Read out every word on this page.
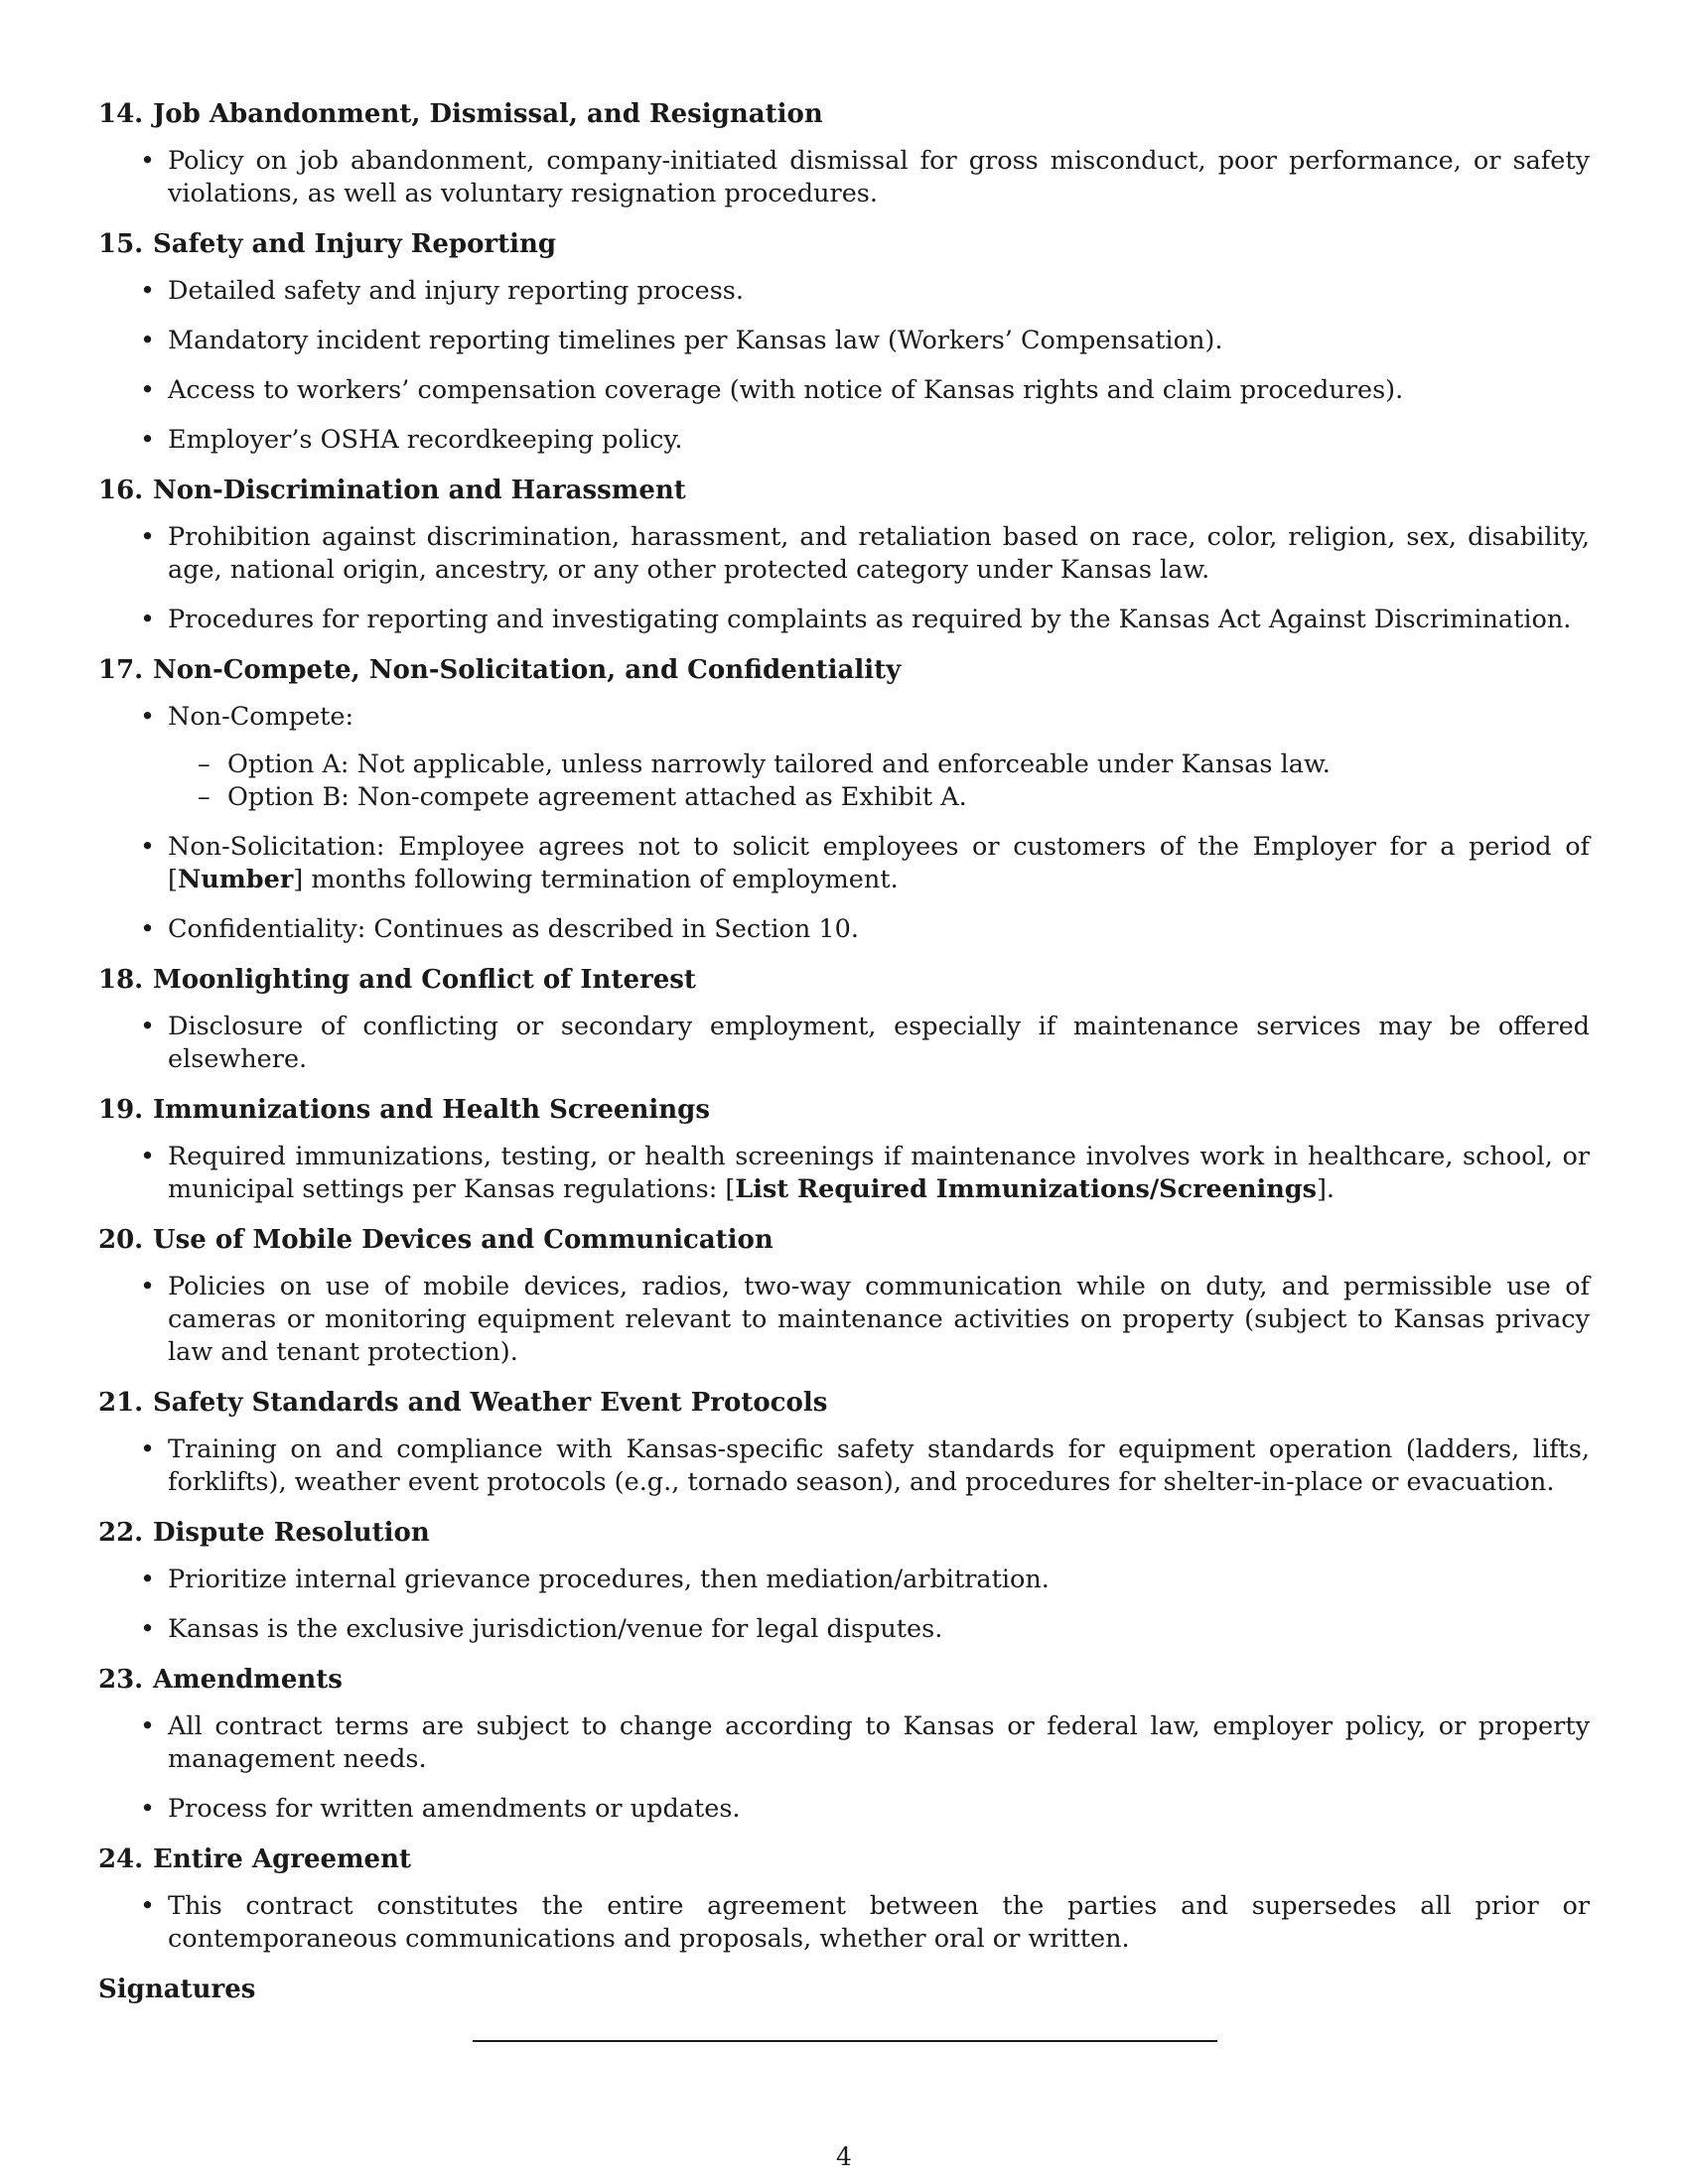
14. Job Abandonment, Dismissal, and Resignation
• Policy on job abandonment, company-initiated dismissal for gross misconduct, poor performance, or safety violations, as well as voluntary resignation procedures.
15. Safety and Injury Reporting
• Detailed safety and injury reporting process.
• Mandatory incident reporting timelines per Kansas law (Workers’ Compensation).
• Access to workers’ compensation coverage (with notice of Kansas rights and claim procedures).
• Employer’s OSHA recordkeeping policy.
16. Non-Discrimination and Harassment
• Prohibition against discrimination, harassment, and retaliation based on race, color, religion, sex, disability, age, national origin, ancestry, or any other protected category under Kansas law.
• Procedures for reporting and investigating complaints as required by the Kansas Act Against Discrimination.
17. Non-Compete, Non-Solicitation, and Confidentiality
• Non-Compete:
– Option A: Not applicable, unless narrowly tailored and enforceable under Kansas law.
– Option B: Non-compete agreement attached as Exhibit A.
• Non-Solicitation: Employee agrees not to solicit employees or customers of the Employer for a period of [Number] months following termination of employment.
• Confidentiality: Continues as described in Section 10.
18. Moonlighting and Conflict of Interest
• Disclosure of conflicting or secondary employment, especially if maintenance services may be offered elsewhere.
19. Immunizations and Health Screenings
• Required immunizations, testing, or health screenings if maintenance involves work in healthcare, school, or municipal settings per Kansas regulations: [List Required Immunizations/Screenings].
20. Use of Mobile Devices and Communication
• Policies on use of mobile devices, radios, two-way communication while on duty, and permissible use of cameras or monitoring equipment relevant to maintenance activities on property (subject to Kansas privacy law and tenant protection).
21. Safety Standards and Weather Event Protocols
• Training on and compliance with Kansas-specific safety standards for equipment operation (ladders, lifts, forklifts), weather event protocols (e.g., tornado season), and procedures for shelter-in-place or evacuation.
22. Dispute Resolution
• Prioritize internal grievance procedures, then mediation/arbitration.
• Kansas is the exclusive jurisdiction/venue for legal disputes.
23. Amendments
• All contract terms are subject to change according to Kansas or federal law, employer policy, or property management needs.
• Process for written amendments or updates.
24. Entire Agreement
• This contract constitutes the entire agreement between the parties and supersedes all prior or contemporaneous communications and proposals, whether oral or written.
Signatures
4
